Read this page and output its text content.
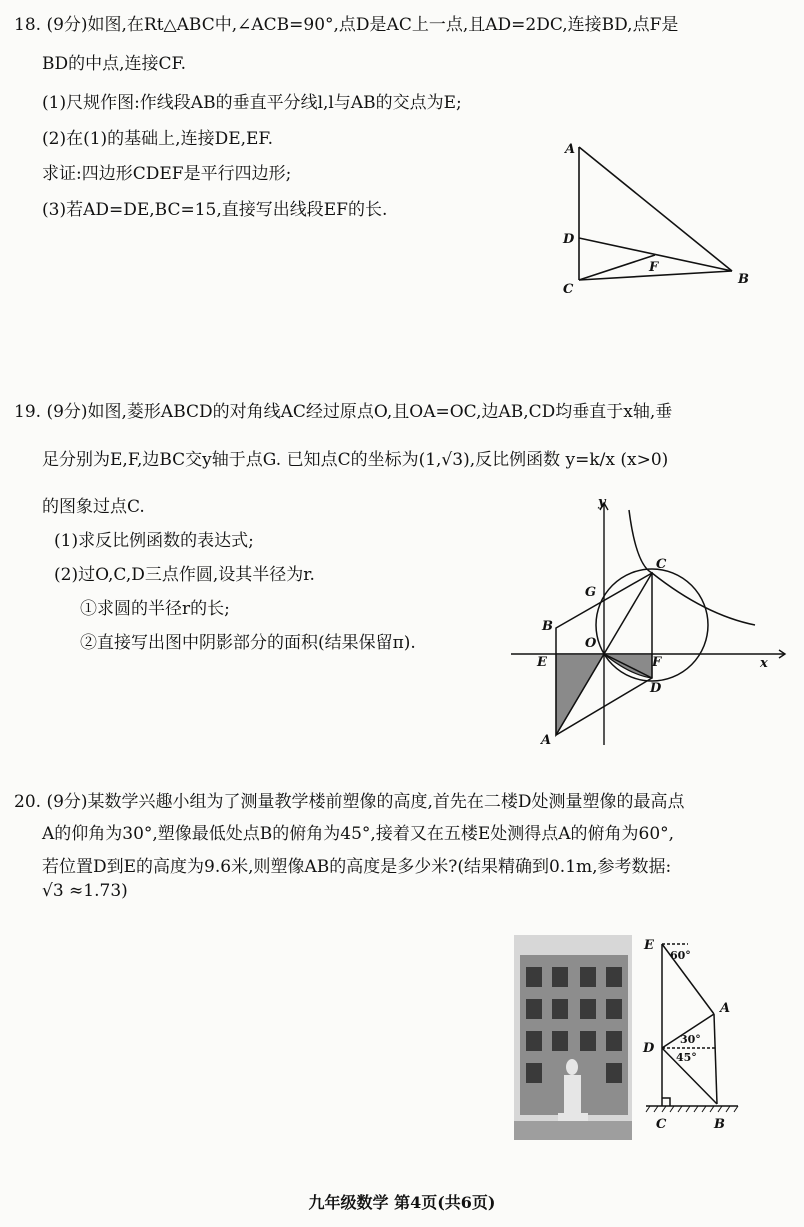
18. (9分)如图,在Rt△ABC中,∠ACB=90°,点D是AC上一点,且AD=2DC,连接BD,点F是
BD的中点,连接CF.
(1)尺规作图:作线段AB的垂直平分线l,l与AB的交点为E;
(2)在(1)的基础上,连接DE,EF.
求证:四边形CDEF是平行四边形;
(3)若AD=DE,BC=15,直接写出线段EF的长.
A
D
F
C
B
19. (9分)如图,菱形ABCD的对角线AC经过原点O,且OA=OC,边AB,CD均垂直于x轴,垂
足分别为E,F,边BC交y轴于点G. 已知点C的坐标为(1,√3),反比例函数 y=k/x (x>0)
的图象过点C.
(1)求反比例函数的表达式;
(2)过O,C,D三点作圆,设其半径为r.
①求圆的半径r的长;
②直接写出图中阴影部分的面积(结果保留π).
y
x
C
G
B
O
E	F
D
A
20. (9分)某数学兴趣小组为了测量教学楼前塑像的高度,首先在二楼D处测量塑像的最高点
A的仰角为30°,塑像最低处点B的俯角为45°,接着又在五楼E处测得点A的俯角为60°,
若位置D到E的高度为9.6米,则塑像AB的高度是多少米?(结果精确到0.1m,参考数据:
√3 ≈1.73)
E
60°
A
D
30°
45°
C	B
九年级数学 第4页(共6页)
